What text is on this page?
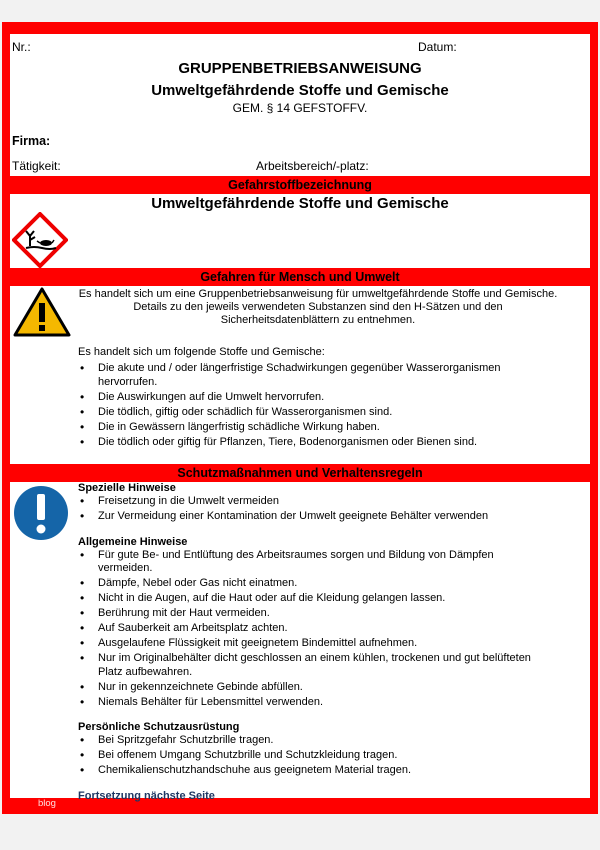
Nr.:	Datum:
GRUPPENBETRIEBSANWEISUNG
Umweltgefährdende Stoffe und Gemische
GEM. § 14 GEFSTOFFV.
Firma:
Tätigkeit:	Arbeitsbereich/-platz:
Gefahrstoffbezeichnung
Umweltgefährdende Stoffe und Gemische
Gefahren für Mensch und Umwelt
Es handelt sich um eine Gruppenbetriebsanweisung für umweltgefährdende Stoffe und Gemische. Details zu den jeweils verwendeten Substanzen sind den H-Sätzen und den Sicherheitsdatenblättern zu entnehmen.
Es handelt sich um folgende Stoffe und Gemische:
• Die akute und / oder längerfristige Schadwirkungen gegenüber Wasserorganismen hervorrufen.
• Die Auswirkungen auf die Umwelt hervorrufen.
• Die tödlich, giftig oder schädlich für Wasserorganismen sind.
• Die in Gewässern längerfristig schädliche Wirkung haben.
• Die tödlich oder giftig für Pflanzen, Tiere, Bodenorganismen oder Bienen sind.
Schutzmaßnahmen und Verhaltensregeln
Spezielle Hinweise
• Freisetzung in die Umwelt vermeiden
• Zur Vermeidung einer Kontamination der Umwelt geeignete Behälter verwenden
Allgemeine Hinweise
• Für gute Be- und Entlüftung des Arbeitsraumes sorgen und Bildung von Dämpfen vermeiden.
• Dämpfe, Nebel oder Gas nicht einatmen.
• Nicht in die Augen, auf die Haut oder auf die Kleidung gelangen lassen.
• Berührung mit der Haut vermeiden.
• Auf Sauberkeit am Arbeitsplatz achten.
• Ausgelaufene Flüssigkeit mit geeignetem Bindemittel aufnehmen.
• Nur im Originalbehälter dicht geschlossen an einem kühlen, trockenen und gut belüfteten Platz aufbewahren.
• Nur in gekennzeichnete Gebinde abfüllen.
• Niemals Behälter für Lebensmittel verwenden.
Persönliche Schutzausrüstung
• Bei Spritzgefahr Schutzbrille tragen.
• Bei offenem Umgang Schutzbrille und Schutzkleidung tragen.
• Chemikalienschutzhandschuhe aus geeignetem Material tragen.
Fortsetzung nächste Seite
blog
